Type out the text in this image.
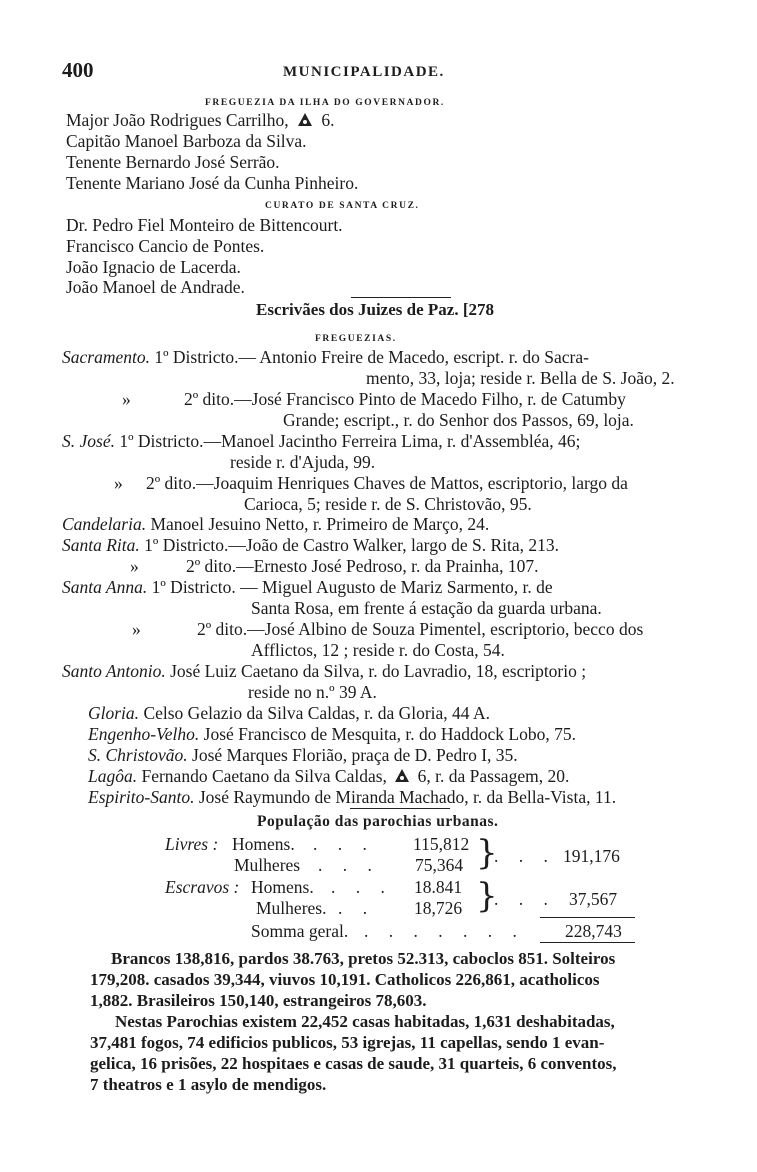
400	MUNICIPALIDADE.
FREGUEZIA DA ILHA DO GOVERNADOR.
Major João Rodrigues Carrilho, 6.
Capitão Manoel Barboza da Silva.
Tenente Bernardo José Serrão.
Tenente Mariano José da Cunha Pinheiro.
CURATO DE SANTA CRUZ.
Dr. Pedro Fiel Monteiro de Bittencourt.
Francisco Cancio de Pontes.
João Ignacio de Lacerda.
João Manoel de Andrade.
Escrivães dos Juizes de Paz. [278
FREGUEZIAS.
Sacramento. 1º Districto.— Antonio Freire de Macedo, escript. r. do Sacra-
mento, 33, loja; reside r. Bella de S. João, 2.
»	2º dito.—José Francisco Pinto de Macedo Filho, r. de Catumby
Grande; escript., r. do Senhor dos Passos, 69, loja.
S. José. 1º Districto.—Manoel Jacintho Ferreira Lima, r. d'Assembléa, 46;
reside r. d'Ajuda, 99.
» 2º dito.—Joaquim Henriques Chaves de Mattos, escriptorio, largo da
Carioca, 5; reside r. de S. Christovão, 95.
Candelaria. Manoel Jesuino Netto, r. Primeiro de Março, 24.
Santa Rita. 1º Districto.—João de Castro Walker, largo de S. Rita, 213.
»	2º dito.—Ernesto José Pedroso, r. da Prainha, 107.
Santa Anna. 1º Districto. — Miguel Augusto de Mariz Sarmento, r. de
Santa Rosa, em frente á estação da guarda urbana.
»	2º dito.—José Albino de Souza Pimentel, escriptorio, becco dos
Afflictos, 12 ; reside r. do Costa, 54.
Santo Antonio. José Luiz Caetano da Silva, r. do Lavradio, 18, escriptorio ;
reside no n.º 39 A.
Gloria. Celso Gelazio da Silva Caldas, r. da Gloria, 44 A.
Engenho-Velho. José Francisco de Mesquita, r. do Haddock Lobo, 75.
S. Christovão. José Marques Florião, praça de D. Pedro I, 35.
Lagôa. Fernando Caetano da Silva Caldas, 6, r. da Passagem, 20.
Espirito-Santo. José Raymundo de Miranda Machado, r. da Bella-Vista, 11.
População das parochias urbanas.
Livres : Homens. . . . 115,812
Mulheres . . . 75,364 }
. . . 191,176
Escravos : Homens. . . . 18.841
Mulheres. . . 18,726 }
. . . 37,567
Somma geral. . . . . . . . 228,743
Brancos 138,816, pardos 38.763, pretos 52.313, caboclos 851. Solteiros
179,208. casados 39,344, viuvos 10,191. Catholicos 226,861, acatholicos
1,882. Brasileiros 150,140, estrangeiros 78,603.
Nestas Parochias existem 22,452 casas habitadas, 1,631 deshabitadas,
37,481 fogos, 74 edificios publicos, 53 igrejas, 11 capellas, sendo 1 evan-
gelica, 16 prisões, 22 hospitaes e casas de saude, 31 quarteis, 6 conventos,
7 theatros e 1 asylo de mendigos.
